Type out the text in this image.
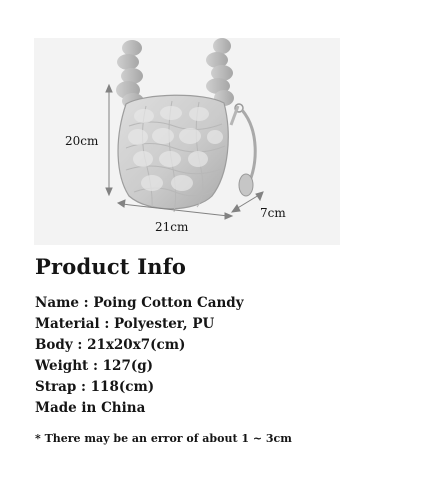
20cm
21cm
7cm
Product Info
Name : Poing Cotton Candy
Material : Polyester, PU
Body : 21x20x7(cm)
Weight : 127(g)
Strap : 118(cm)
Made in China

* There may be an error of about 1 ~ 3cm
